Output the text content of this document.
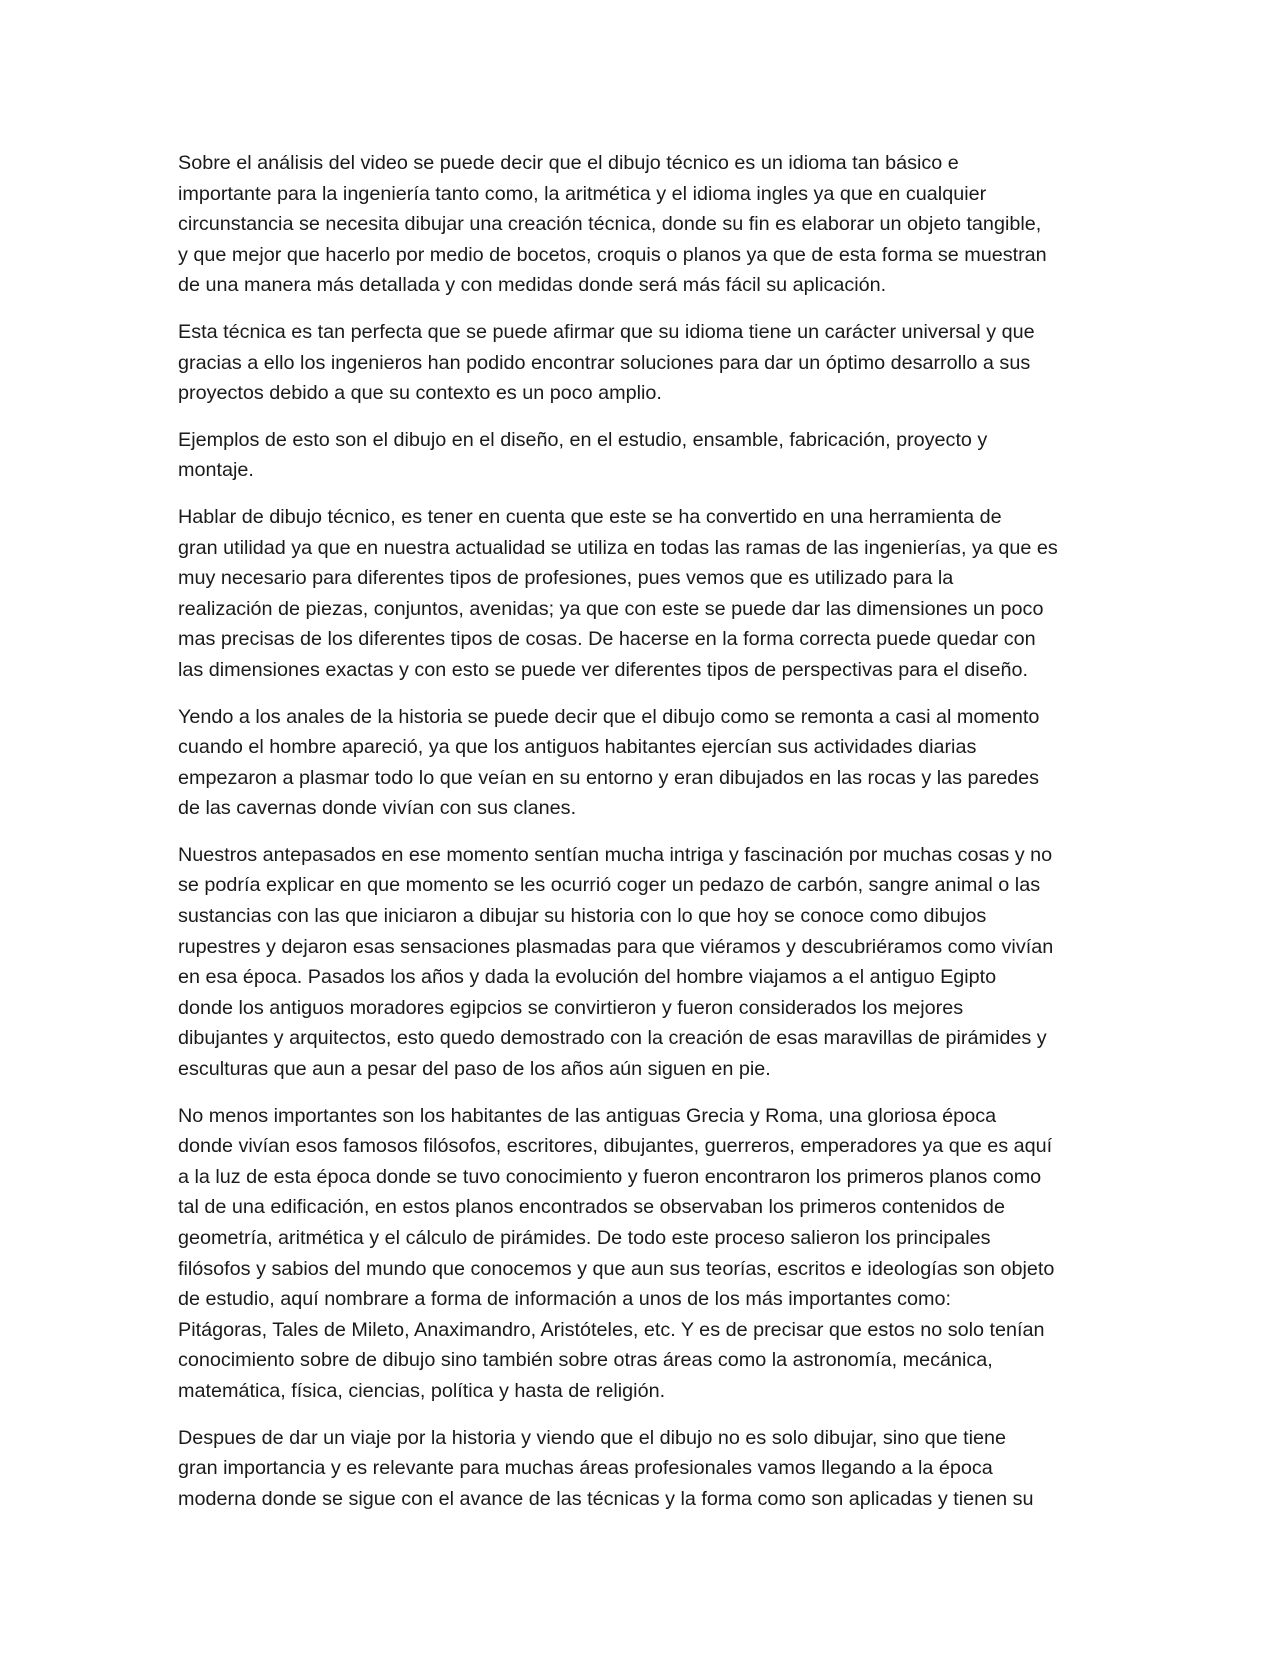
Sobre el análisis del video se puede decir que el dibujo técnico es un idioma tan básico e
importante para la ingeniería tanto como, la aritmética y el idioma ingles ya que en cualquier
circunstancia se necesita dibujar una creación técnica, donde su fin es elaborar un objeto tangible,
y que mejor que hacerlo por medio de bocetos, croquis o planos ya que de esta forma se muestran
de una manera más detallada y con medidas donde será más fácil su aplicación.

Esta técnica es tan perfecta que se puede afirmar que su idioma tiene un carácter universal y que
gracias a ello los ingenieros han podido encontrar soluciones para dar un óptimo desarrollo a sus
proyectos debido a que su contexto es un poco amplio.

Ejemplos de esto son el dibujo en el diseño, en el estudio, ensamble, fabricación, proyecto y
montaje.

Hablar de dibujo técnico, es tener en cuenta que este se ha convertido en una herramienta de
gran utilidad ya que en nuestra actualidad se utiliza en todas las ramas de las ingenierías, ya que es
muy necesario para diferentes tipos de profesiones, pues vemos que es utilizado para la
realización de piezas, conjuntos, avenidas; ya que con este se puede dar las dimensiones un poco
mas precisas de los diferentes tipos de cosas. De hacerse en la forma correcta puede quedar con
las dimensiones exactas y con esto se puede ver diferentes tipos de perspectivas para el diseño.

Yendo a los anales de la historia se puede decir que el dibujo como se remonta a casi al momento
cuando el hombre apareció, ya que los antiguos habitantes ejercían sus actividades diarias
empezaron a plasmar todo lo que veían en su entorno y eran dibujados en las rocas y las paredes
de las cavernas donde vivían con sus clanes.

Nuestros antepasados en ese momento sentían mucha intriga y fascinación por muchas cosas y no
se podría explicar en que momento se les ocurrió coger un pedazo de carbón, sangre animal o las
sustancias con las que iniciaron a dibujar su historia con lo que hoy se conoce como dibujos
rupestres y dejaron esas sensaciones plasmadas para que viéramos y descubriéramos como vivían
en esa época. Pasados los años y dada la evolución del hombre viajamos a el antiguo Egipto
donde los antiguos moradores egipcios se convirtieron y fueron considerados los mejores
dibujantes y arquitectos, esto quedo demostrado con la creación de esas maravillas de pirámides y
esculturas que aun a pesar del paso de los años aún siguen en pie.

No menos importantes son los habitantes de las antiguas Grecia y Roma, una gloriosa época
donde vivían esos famosos filósofos, escritores, dibujantes, guerreros, emperadores ya que es aquí
a la luz de esta época donde se tuvo conocimiento y fueron encontraron los primeros planos como
tal de una edificación, en estos planos encontrados se observaban los primeros contenidos de
geometría, aritmética y el cálculo de pirámides. De todo este proceso salieron los principales
filósofos y sabios del mundo que conocemos y que aun sus teorías, escritos e ideologías son objeto
de estudio, aquí nombrare a forma de información a unos de los más importantes como:
Pitágoras, Tales de Mileto, Anaximandro, Aristóteles, etc. Y es de precisar que estos no solo tenían
conocimiento sobre de dibujo sino también sobre otras áreas como la astronomía, mecánica,
matemática, física, ciencias, política y hasta de religión.

Despues de dar un viaje por la historia y viendo que el dibujo no es solo dibujar, sino que tiene
gran importancia y es relevante para muchas áreas profesionales vamos llegando a la época
moderna donde se sigue con el avance de las técnicas y la forma como son aplicadas y tienen su
